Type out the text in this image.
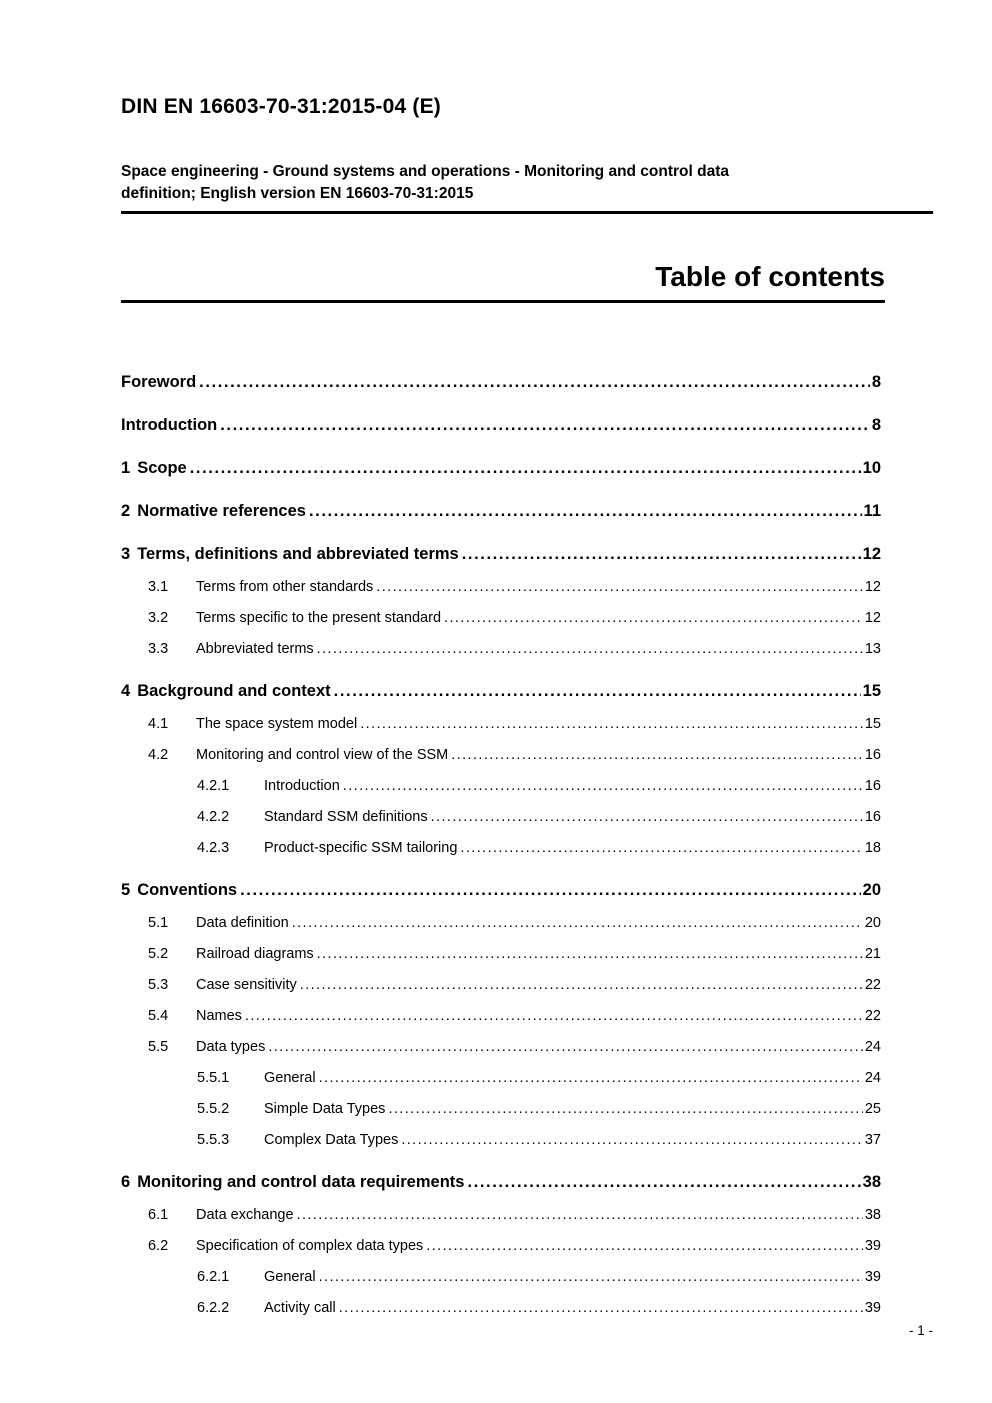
DIN EN 16603-70-31:2015-04 (E)
Space engineering - Ground systems and operations - Monitoring and control data
definition; English version EN 16603-70-31:2015
Table of contents
Foreword .....	8
Introduction .....	8
1 Scope .....	10
2 Normative references .....	11
3 Terms, definitions and abbreviated terms .....	12
3.1	Terms from other standards .....	12
3.2	Terms specific to the present standard .....	12
3.3	Abbreviated terms .....	13
4 Background and context .....	15
4.1	The space system model .....	15
4.2	Monitoring and control view of the SSM .....	16
4.2.1	Introduction .....	16
4.2.2	Standard SSM definitions .....	16
4.2.3	Product-specific SSM tailoring .....	18
5 Conventions .....	20
5.1	Data definition .....	20
5.2	Railroad diagrams .....	21
5.3	Case sensitivity .....	22
5.4	Names .....	22
5.5	Data types .....	24
5.5.1	General .....	24
5.5.2	Simple Data Types .....	25
5.5.3	Complex Data Types .....	37
6 Monitoring and control data requirements .....	38
6.1	Data exchange .....	38
6.2	Specification of complex data types .....	39
6.2.1	General .....	39
6.2.2	Activity call .....	39
- 1 -
